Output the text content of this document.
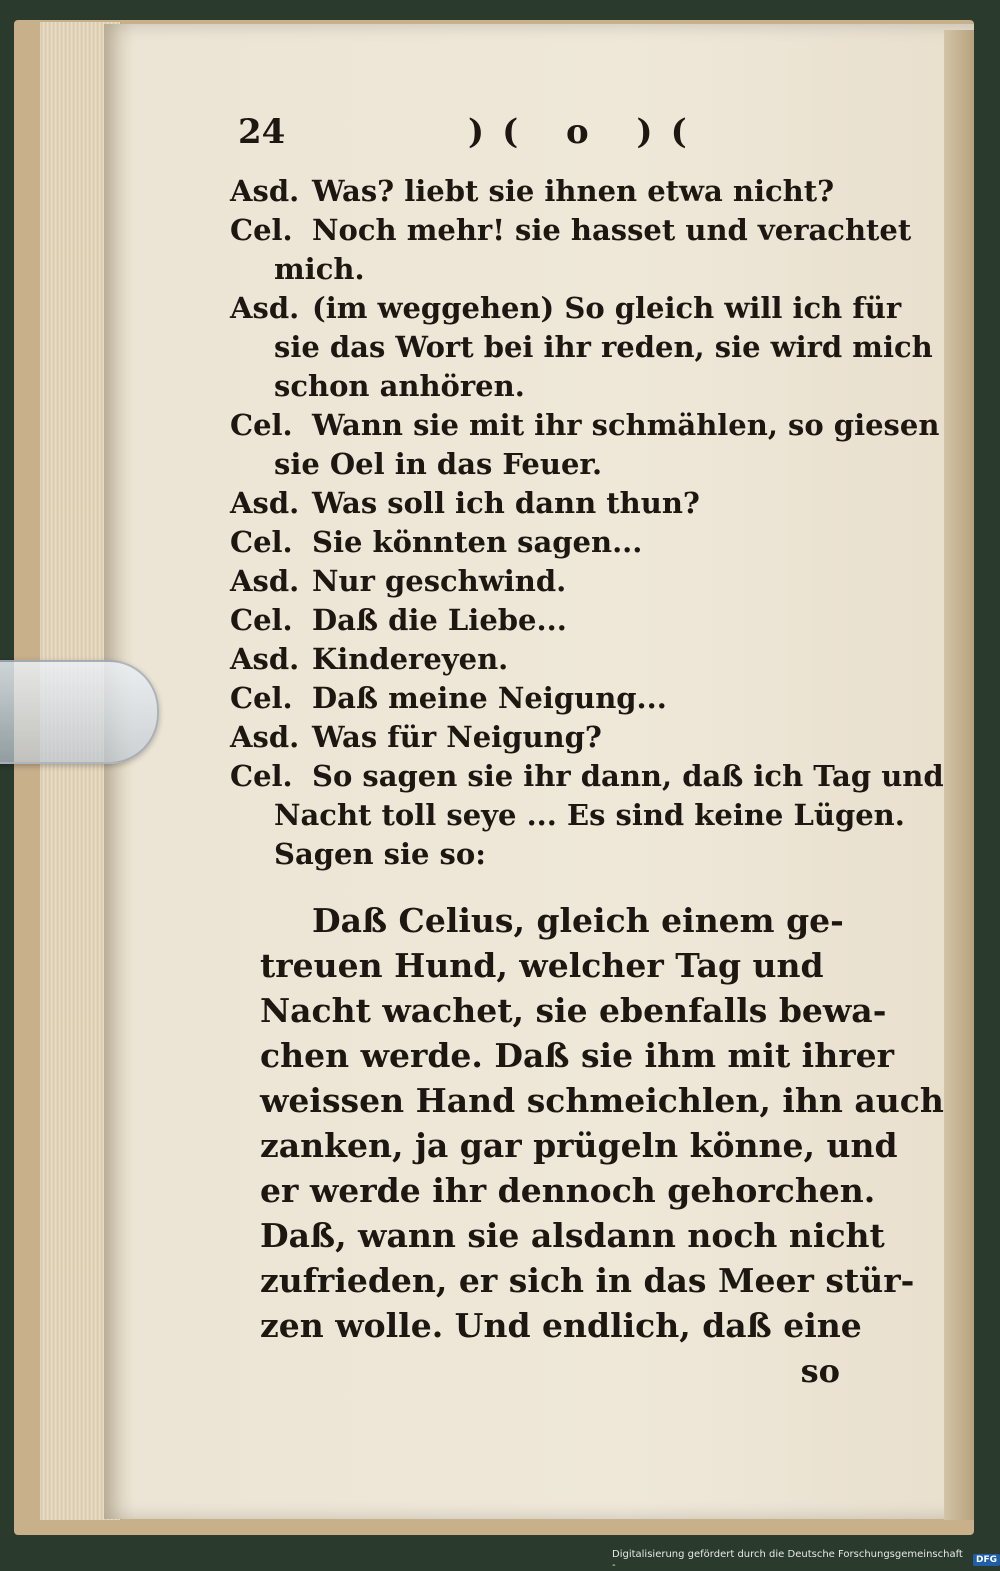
24	)( o )(
Asd. Was? liebt sie ihnen etwa nicht?
Cel. Noch mehr! sie hasset und verachtet
mich.
Asd. (im weggehen) So gleich will ich für
sie das Wort bei ihr reden, sie wird mich
schon anhören.
Cel. Wann sie mit ihr schmählen, so giesen
sie Oel in das Feuer.
Asd. Was soll ich dann thun?
Cel. Sie könnten sagen...
Asd. Nur geschwind.
Cel. Daß die Liebe...
Asd. Kindereyen.
Cel. Daß meine Neigung...
Asd. Was für Neigung?
Cel. So sagen sie ihr dann, daß ich Tag und
Nacht toll seye ... Es sind keine Lügen.
Sagen sie so:
Daß Celius, gleich einem ge-
treuen Hund, welcher Tag und
Nacht wachet, sie ebenfalls bewa-
chen werde. Daß sie ihm mit ihrer
weissen Hand schmeichlen, ihn auch
zanken, ja gar prügeln könne, und
er werde ihr dennoch gehorchen.
Daß, wann sie alsdann noch nicht
zufrieden, er sich in das Meer stür-
zen wolle. Und endlich, daß eine
so
Digitalisierung gefördert durch die Deutsche Forschungsgemeinschaft -	DFG
